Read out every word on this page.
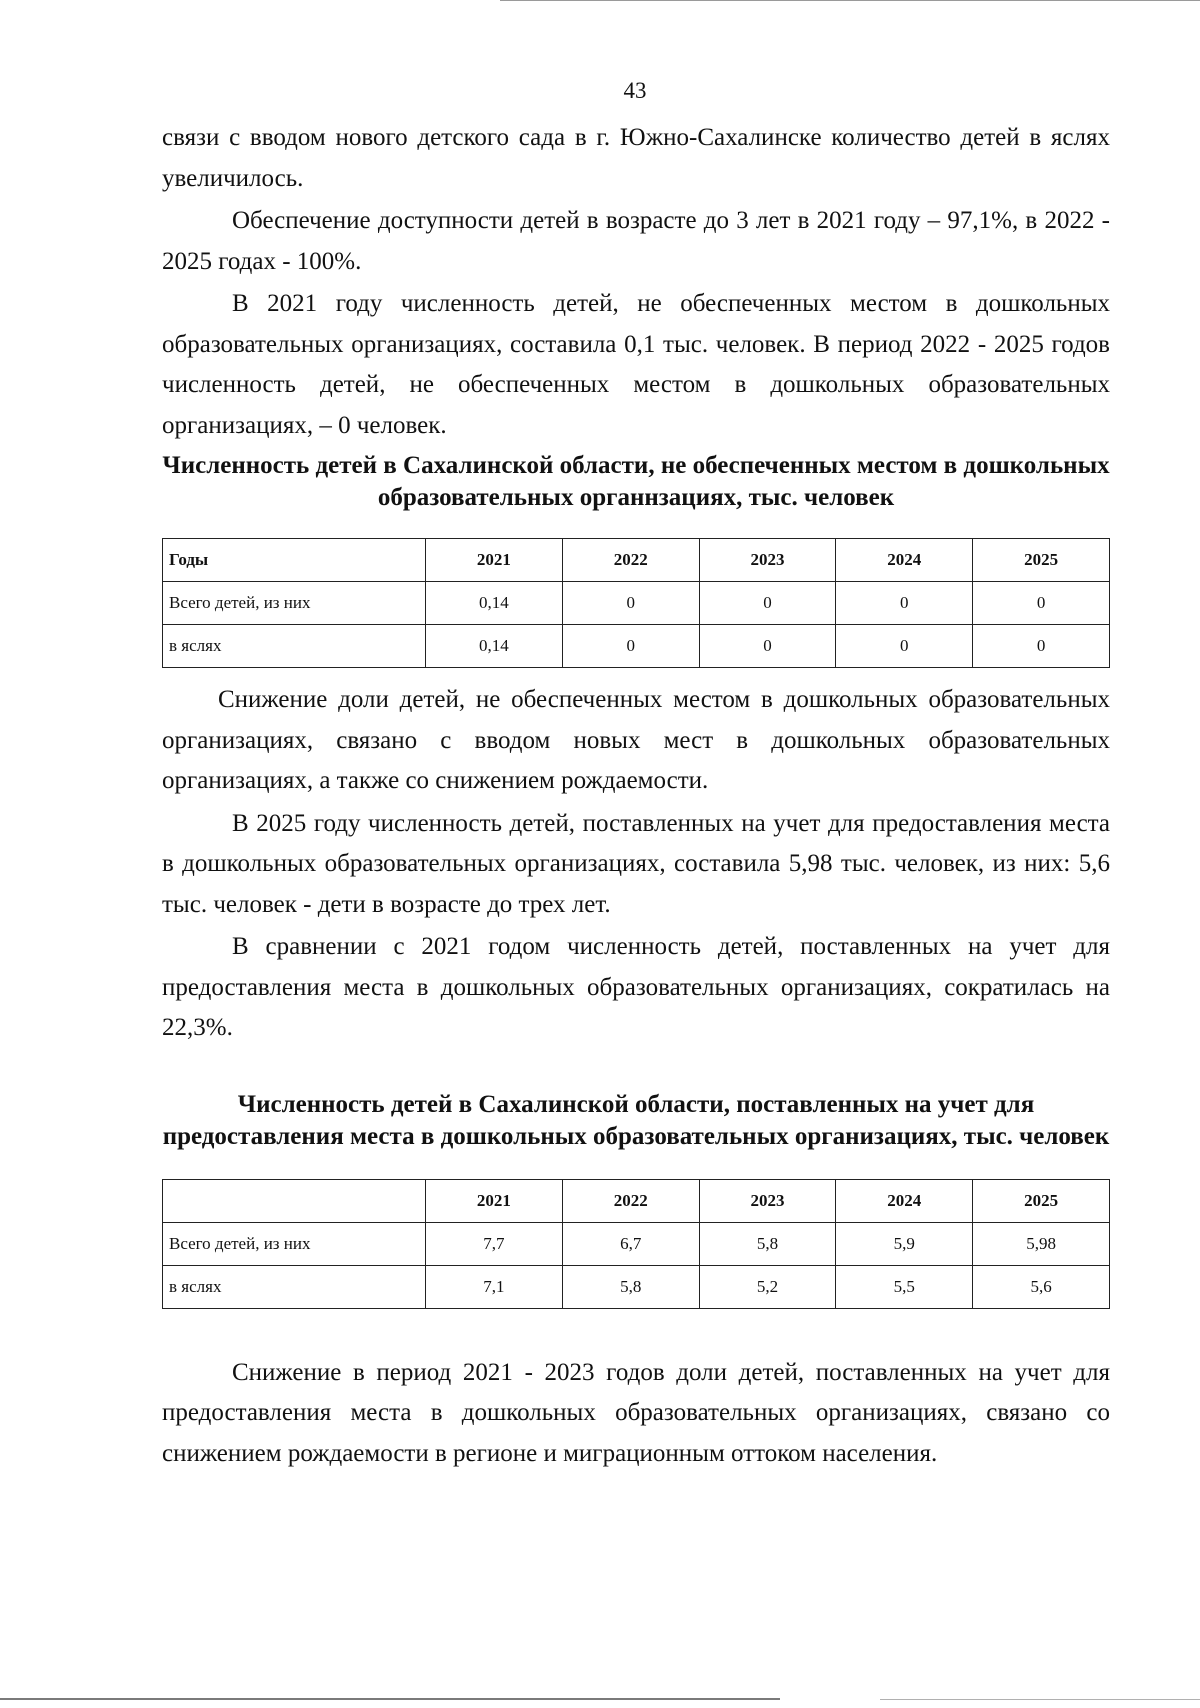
43

связи с вводом нового детского сада в г. Южно-Сахалинске количество детей в яслях увеличилось.

Обеспечение доступности детей в возрасте до 3 лет в 2021 году – 97,1%, в 2022 - 2025 годах - 100%.

В 2021 году численность детей, не обеспеченных местом в дошкольных образовательных организациях, составила 0,1 тыс. человек. В период 2022 - 2025 годов численность детей, не обеспеченных местом в дошкольных образовательных организациях, – 0 человек.

Численность детей в Сахалинской области, не обеспеченных местом в дошкольных образовательных органнзациях, тыс. человек
Годы	2021	2022	2023	2024	2025
Всего детей, из них	0,14	0	0	0	0
в яслях	0,14	0	0	0	0

Снижение доли детей, не обеспеченных местом в дошкольных образовательных организациях, связано с вводом новых мест в дошкольных образовательных организациях, а также со снижением рождаемости.

В 2025 году численность детей, поставленных на учет для предоставления места в дошкольных образовательных организациях, составила 5,98 тыс. человек, из них: 5,6 тыс. человек - дети в возрасте до трех лет.

В сравнении с 2021 годом численность детей, поставленных на учет для предоставления места в дошкольных образовательных организациях, сократилась на 22,3%.

Численность детей в Сахалинской области, поставленных на учет для предоставления места в дошкольных образовательных организациях, тыс. человек
	2021	2022	2023	2024	2025
Всего детей, из них	7,7	6,7	5,8	5,9	5,98
в яслях	7,1	5,8	5,2	5,5	5,6

Снижение в период 2021 - 2023 годов доли детей, поставленных на учет для предоставления места в дошкольных образовательных организациях, связано со снижением рождаемости в регионе и миграционным оттоком населения.
